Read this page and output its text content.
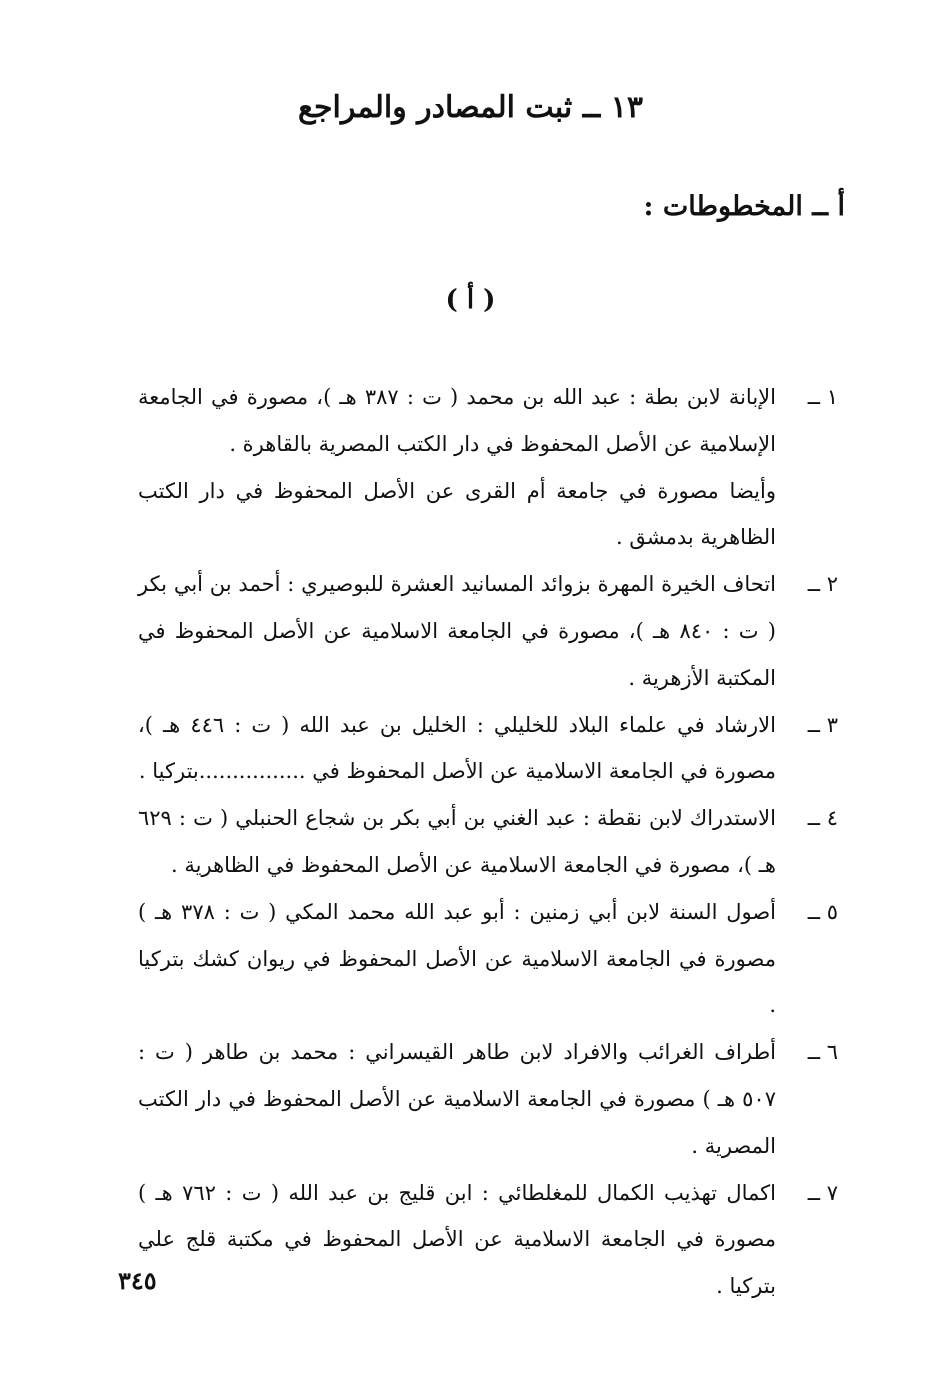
١٣ ــ ثبت المصادر والمراجع
أ ــ المخطوطات :
( أ )
١ ــ

الإبانة لابن بطة : عبد الله بن محمد ( ت : ٣٨٧ هـ )، مصورة في الجامعة الإسلامية عن الأصل المحفوظ في دار الكتب المصرية بالقاهرة .

وأيضا مصورة في جامعة أم القرى عن الأصل المحفوظ في دار الكتب الظاهرية بدمشق .

٢ ــ

اتحاف الخيرة المهرة بزوائد المسانيد العشرة للبوصيري : أحمد بن أبي بكر ( ت : ٨٤٠ هـ )، مصورة في الجامعة الاسلامية عن الأصل المحفوظ في المكتبة الأزهرية .

٣ ــ

الارشاد في علماء البلاد للخليلي : الخليل بن عبد الله ( ت : ٤٤٦ هـ )، مصورة في الجامعة الاسلامية عن الأصل المحفوظ في ................بتركيا .

٤ ــ

الاستدراك لابن نقطة : عبد الغني بن أبي بكر بن شجاع الحنبلي ( ت : ٦٢٩ هـ )، مصورة في الجامعة الاسلامية عن الأصل المحفوظ في الظاهرية .

٥ ــ

أصول السنة لابن أبي زمنين : أبو عبد الله محمد المكي ( ت : ٣٧٨ هـ ) مصورة في الجامعة الاسلامية عن الأصل المحفوظ في ريوان كشك بتركيا .

٦ ــ

أطراف الغرائب والافراد لابن طاهر القيسراني : محمد بن طاهر ( ت : ٥٠٧ هـ ) مصورة في الجامعة الاسلامية عن الأصل المحفوظ في دار الكتب المصرية .

٧ ــ

اكمال تهذيب الكمال للمغلطائي : ابن قليج بن عبد الله ( ت : ٧٦٢ هـ ) مصورة في الجامعة الاسلامية عن الأصل المحفوظ في مكتبة قلج علي بتركيا .

٣٤٥
